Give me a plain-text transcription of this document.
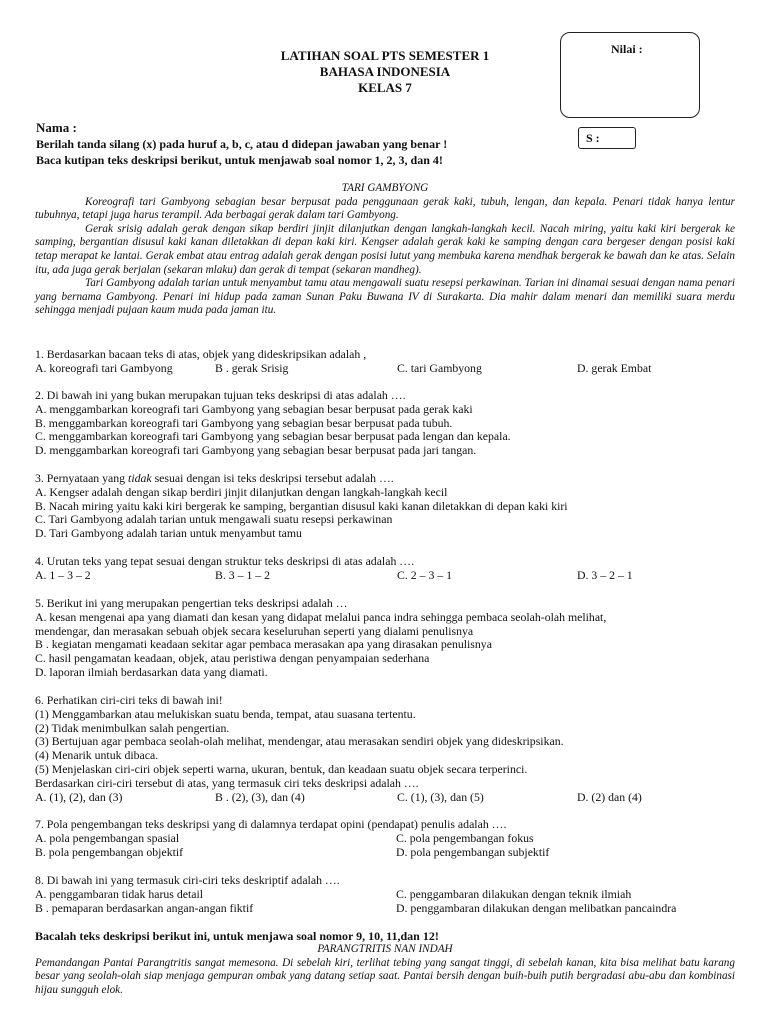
LATIHAN SOAL PTS SEMESTER 1
BAHASA INDONESIA
KELAS 7
Nilai :
S :
Nama :
Berilah tanda silang (x) pada huruf a, b, c, atau d didepan jawaban yang benar !
Baca kutipan teks deskripsi berikut, untuk menjawab soal nomor 1, 2, 3, dan 4!

TARI GAMBYONG

Koreografi tari Gambyong sebagian besar berpusat pada penggunaan gerak kaki, tubuh, lengan, dan kepala. Penari tidak hanya lentur tubuhnya, tetapi juga harus terampil. Ada berbagai gerak dalam tari Gambyong.

Gerak srisig adalah gerak dengan sikap berdiri jinjit dilanjutkan dengan langkah-langkah kecil. Nacah miring, yaitu kaki kiri bergerak ke samping, bergantian disusul kaki kanan diletakkan di depan kaki kiri. Kengser adalah gerak kaki ke samping dengan cara bergeser dengan posisi kaki tetap merapat ke lantai. Gerak embat atau entrag adalah gerak dengan posisi lutut yang membuka karena mendhak bergerak ke bawah dan ke atas. Selain itu, ada juga gerak berjalan (sekaran mlaku) dan gerak di tempat (sekaran mandheg).

Tari Gambyong adalah tarian untuk menyambut tamu atau mengawali suatu resepsi perkawinan. Tarian ini dinamai sesuai dengan nama penari yang bernama Gambyong. Penari ini hidup pada zaman Sunan Paku Buwana IV di Surakarta. Dia mahir dalam menari dan memiliki suara merdu sehingga menjadi pujaan kaum muda pada jaman itu.

1. Berdasarkan bacaan teks di atas, objek yang dideskripsikan adalah ,
A. koreografi tari Gambyong	B . gerak Srisig	C. tari Gambyong	D. gerak Embat
2. Di bawah ini yang bukan merupakan tujuan teks deskripsi di atas adalah ….
A. menggambarkan koreografi tari Gambyong yang sebagian besar berpusat pada gerak kaki
B. menggambarkan koreografi tari Gambyong yang sebagian besar berpusat pada tubuh.
C. menggambarkan koreografi tari Gambyong yang sebagian besar berpusat pada lengan dan kepala.
D. menggambarkan koreografi tari Gambyong yang sebagian besar berpusat pada jari tangan.
3. Pernyataan yang tidak sesuai dengan isi teks deskripsi tersebut adalah ….
A. Kengser adalah dengan sikap berdiri jinjit dilanjutkan dengan langkah-langkah kecil
B. Nacah miring yaitu kaki kiri bergerak ke samping, bergantian disusul kaki kanan diletakkan di depan kaki kiri
C. Tari Gambyong adalah tarian untuk mengawali suatu resepsi perkawinan
D. Tari Gambyong adalah tarian untuk menyambut tamu
4. Urutan teks yang tepat sesuai dengan struktur teks deskripsi di atas adalah ….
A. 1 – 3 – 2	B. 3 – 1 – 2	C. 2 – 3 – 1	D. 3 – 2 – 1
5. Berikut ini yang merupakan pengertian teks deskripsi adalah …
A. kesan mengenai apa yang diamati dan kesan yang didapat melalui panca indra sehingga pembaca seolah-olah melihat,
mendengar, dan merasakan sebuah objek secara keseluruhan seperti yang dialami penulisnya
B . kegiatan mengamati keadaan sekitar agar pembaca merasakan apa yang dirasakan penulisnya
C. hasil pengamatan keadaan, objek, atau peristiwa dengan penyampaian sederhana
D. laporan ilmiah berdasarkan data yang diamati.
6. Perhatikan ciri-ciri teks di bawah ini!
(1) Menggambarkan atau melukiskan suatu benda, tempat, atau suasana tertentu.
(2) Tidak menimbulkan salah pengertian.
(3) Bertujuan agar pembaca seolah-olah melihat, mendengar, atau merasakan sendiri objek yang dideskripsikan.
(4) Menarik untuk dibaca.
(5) Menjelaskan ciri-ciri objek seperti warna, ukuran, bentuk, dan keadaan suatu objek secara terperinci.
Berdasarkan ciri-ciri tersebut di atas, yang termasuk ciri teks deskripsi adalah ….
A. (1), (2), dan (3)	B . (2), (3), dan (4)	C. (1), (3), dan (5)	D. (2) dan (4)
7. Pola pengembangan teks deskripsi yang di dalamnya terdapat opini (pendapat) penulis adalah ….
A. pola pengembangan spasial	C. pola pengembangan fokus
B. pola pengembangan objektif	D. pola pengembangan subjektif
8. Di bawah ini yang termasuk ciri-ciri teks deskriptif adalah ….
A. penggambaran tidak harus detail	C. penggambaran dilakukan dengan teknik ilmiah
B . pemaparan berdasarkan angan-angan fiktif	D. penggambaran dilakukan dengan melibatkan pancaindra
Bacalah teks deskripsi berikut ini, untuk menjawa soal nomor 9, 10, 11,dan 12!

PARANGTRITIS NAN INDAH

Pemandangan Pantai Parangtritis sangat memesona. Di sebelah kiri, terlihat tebing yang sangat tinggi, di sebelah kanan, kita bisa melihat batu karang besar yang seolah-olah siap menjaga gempuran ombak yang datang setiap saat. Pantai bersih dengan buih-buih putih bergradasi abu-abu dan kombinasi hijau sungguh elok.
